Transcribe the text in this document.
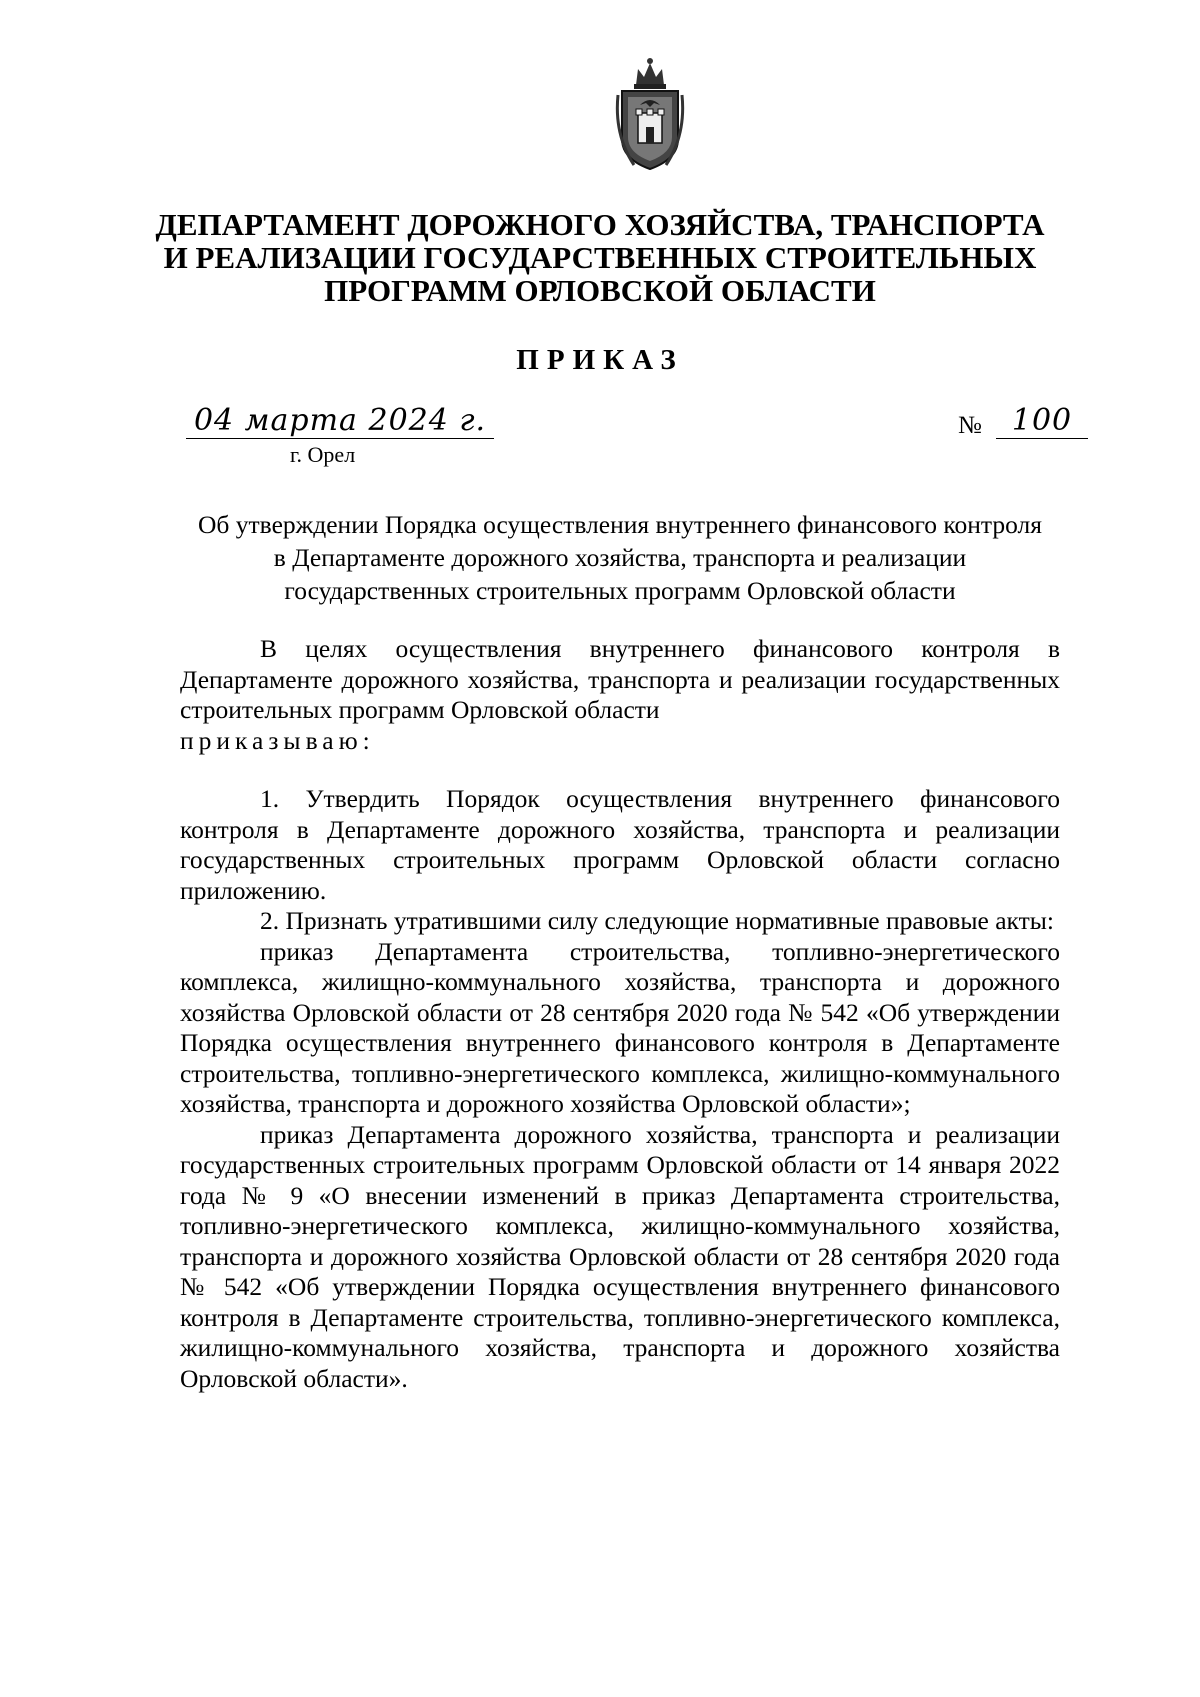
ДЕПАРТАМЕНТ ДОРОЖНОГО ХОЗЯЙСТВА, ТРАНСПОРТА
И РЕАЛИЗАЦИИ ГОСУДАРСТВЕННЫХ СТРОИТЕЛЬНЫХ
ПРОГРАММ ОРЛОВСКОЙ ОБЛАСТИ
ПРИКАЗ
04 марта 2024 г.
г. Орел
№	100
Об утверждении Порядка осуществления внутреннего финансового контроля
в Департаменте дорожного хозяйства, транспорта и реализации
государственных строительных программ Орловской области

В целях осуществления внутреннего финансового контроля в Департаменте дорожного хозяйства, транспорта и реализации государственных строительных программ Орловской области

приказываю:

1. Утвердить Порядок осуществления внутреннего финансового контроля в Департаменте дорожного хозяйства, транспорта и реализации государственных строительных программ Орловской области согласно приложению.

2. Признать утратившими силу следующие нормативные правовые акты:

приказ Департамента строительства, топливно-энергетического комплекса, жилищно-коммунального хозяйства, транспорта и дорожного хозяйства Орловской области от 28 сентября 2020 года № 542 «Об утверждении Порядка осуществления внутреннего финансового контроля в Департаменте строительства, топливно-энергетического комплекса, жилищно-коммунального хозяйства, транспорта и дорожного хозяйства Орловской области»;

приказ Департамента дорожного хозяйства, транспорта и реализации государственных строительных программ Орловской области от 14 января 2022 года № 9 «О внесении изменений в приказ Департамента строительства, топливно-энергетического комплекса, жилищно-коммунального хозяйства, транспорта и дорожного хозяйства Орловской области от 28 сентября 2020 года № 542 «Об утверждении Порядка осуществления внутреннего финансового контроля в Департаменте строительства, топливно-энергетического комплекса, жилищно-коммунального хозяйства, транспорта и дорожного хозяйства Орловской области».
